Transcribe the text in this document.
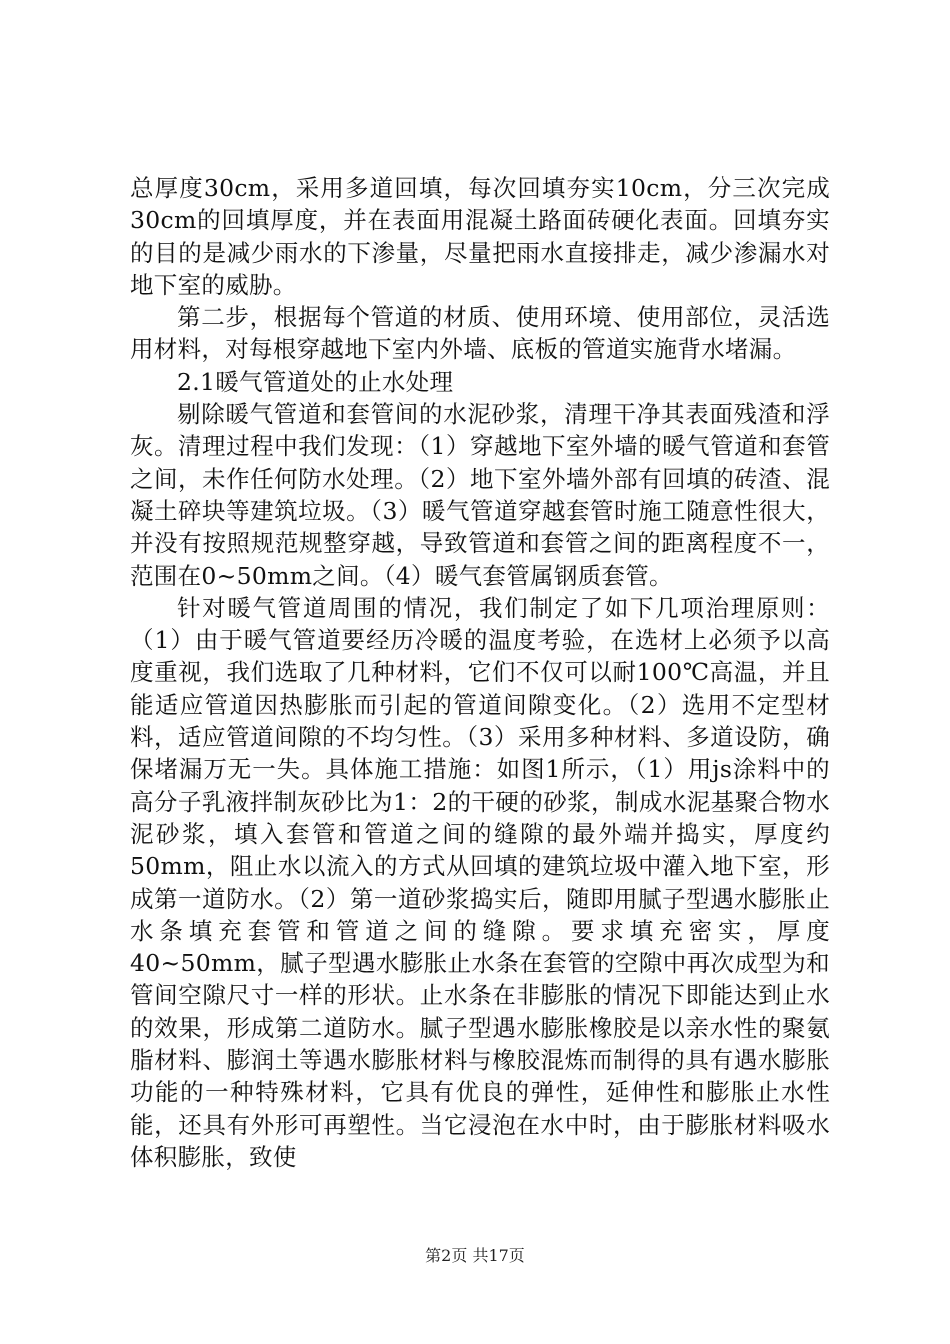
总厚度30cm，采用多道回填，每次回填夯实10cm，分三次完成30cm的回填厚度，并在表面用混凝土路面砖硬化表面。回填夯实的目的是减少雨水的下渗量，尽量把雨水直接排走，减少渗漏水对地下室的威胁。

第二步，根据每个管道的材质、使用环境、使用部位，灵活选用材料，对每根穿越地下室内外墙、底板的管道实施背水堵漏。

2.1暖气管道处的止水处理

剔除暖气管道和套管间的水泥砂浆，清理干净其表面残渣和浮灰。清理过程中我们发现：（1）穿越地下室外墙的暖气管道和套管之间，未作任何防水处理。（2）地下室外墙外部有回填的砖渣、混凝土碎块等建筑垃圾。（3）暖气管道穿越套管时施工随意性很大，并没有按照规范规整穿越，导致管道和套管之间的距离程度不一，范围在0~50mm之间。（4）暖气套管属钢质套管。

针对暖气管道周围的情况，我们制定了如下几项治理原则：（1）由于暖气管道要经历冷暖的温度考验，在选材上必须予以高度重视，我们选取了几种材料，它们不仅可以耐100℃高温，并且能适应管道因热膨胀而引起的管道间隙变化。（2）选用不定型材料，适应管道间隙的不均匀性。（3）采用多种材料、多道设防，确保堵漏万无一失。具体施工措施：如图1所示，（1）用js涂料中的高分子乳液拌制灰砂比为1：2的干硬的砂浆，制成水泥基聚合物水泥砂浆，填入套管和管道之间的缝隙的最外端并捣实，厚度约50mm，阻止水以流入的方式从回填的建筑垃圾中灌入地下室，形成第一道防水。（2）第一道砂浆捣实后，随即用腻子型遇水膨胀止水条填充套管和管道之间的缝隙。要求填充密实，厚度40~50mm，腻子型遇水膨胀止水条在套管的空隙中再次成型为和管间空隙尺寸一样的形状。止水条在非膨胀的情况下即能达到止水的效果，形成第二道防水。腻子型遇水膨胀橡胶是以亲水性的聚氨脂材料、膨润土等遇水膨胀材料与橡胶混炼而制得的具有遇水膨胀功能的一种特殊材料，它具有优良的弹性，延伸性和膨胀止水性能，还具有外形可再塑性。当它浸泡在水中时，由于膨胀材料吸水体积膨胀，致使

第2页 共17页
